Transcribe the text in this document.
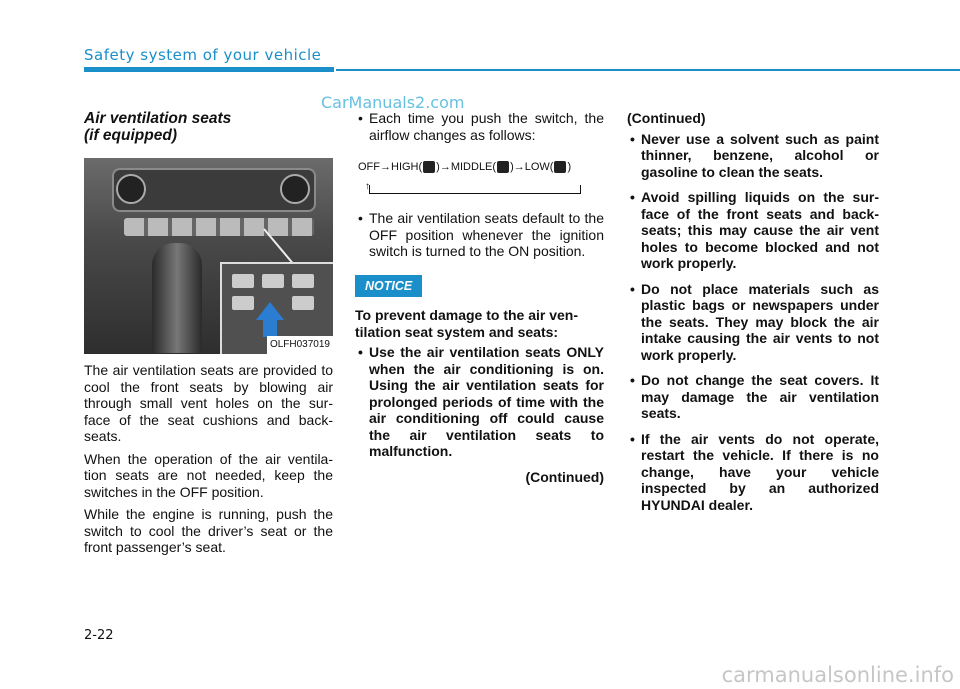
Safety system of your vehicle
CarManuals2.com
Air ventilation seats
(if equipped)
OLFH037019

The air ventilation seats are provided to cool the front seats by blowing air through small vent holes on the sur-face of the seat cushions and back-seats.

When the operation of the air ventila-tion seats are not needed, keep the switches in the OFF position.

While the engine is running, push the switch to cool the driver’s seat or the front passenger’s seat.

• Each time you push the switch, the airflow changes as follows:
OFF→HIGH( )→MIDDLE( )→LOW( )
↑
• The air ventilation seats default to the OFF position whenever the ignition switch is turned to the ON position.
NOTICE
To prevent damage to the air ven-tilation seat system and seats:
• Use the air ventilation seats ONLY when the air conditioning is on. Using the air ventilation seats for prolonged periods of time with the air conditioning off could cause the air ventilation seats to malfunction.
(Continued)
(Continued)
• Never use a solvent such as paint thinner, benzene, alcohol or gasoline to clean the seats.
• Avoid spilling liquids on the sur-face of the front seats and back-seats; this may cause the air vent holes to become blocked and not work properly.
• Do not place materials such as plastic bags or newspapers under the seats. They may block the air intake causing the air vents to not work properly.
• Do not change the seat covers. It may damage the air ventilation seats.
• If the air vents do not operate, restart the vehicle. If there is no change, have your vehicle inspected by an authorized HYUNDAI dealer.
2-22
carmanualsonline.info
